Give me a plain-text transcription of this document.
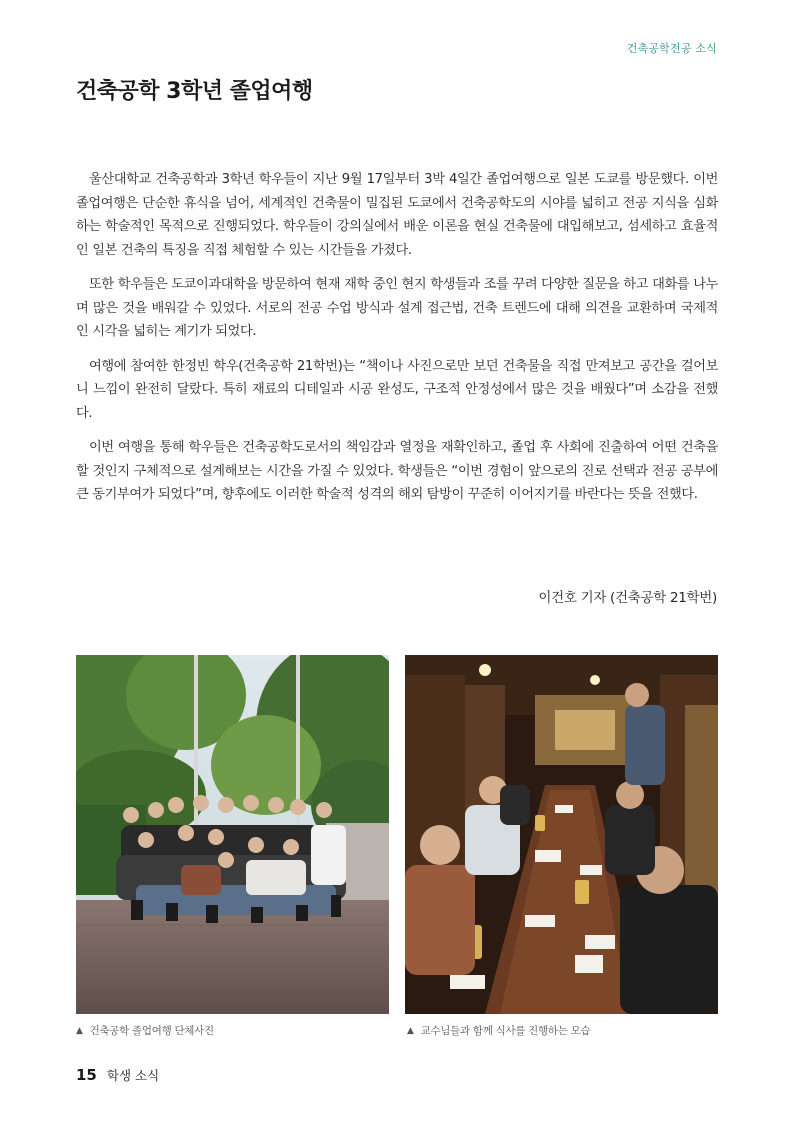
건축공학전공 소식
건축공학 3학년 졸업여행

울산대학교 건축공학과 3학년 학우들이 지난 9월 17일부터 3박 4일간 졸업여행으로 일본 도쿄를 방문했다. 이번 졸업여행은 단순한 휴식을 넘어, 세계적인 건축물이 밀집된 도쿄에서 건축공학도의 시야를 넓히고 전공 지식을 심화하는 학술적인 목적으로 진행되었다. 학우들이 강의실에서 배운 이론을 현실 건축물에 대입해보고, 섬세하고 효율적인 일본 건축의 특징을 직접 체험할 수 있는 시간들을 가졌다.

또한 학우들은 도쿄이과대학을 방문하여 현재 재학 중인 현지 학생들과 조를 꾸려 다양한 질문을 하고 대화를 나누며 많은 것을 배워갈 수 있었다. 서로의 전공 수업 방식과 설계 접근법, 건축 트렌드에 대해 의견을 교환하며 국제적인 시각을 넓히는 계기가 되었다.

여행에 참여한 한정빈 학우(건축공학 21학번)는 “책이나 사진으로만 보던 건축물을 직접 만져보고 공간을 걸어보니 느낌이 완전히 달랐다. 특히 재료의 디테일과 시공 완성도, 구조적 안정성에서 많은 것을 배웠다”며 소감을 전했다.

이번 여행을 통해 학우들은 건축공학도로서의 책임감과 열정을 재확인하고, 졸업 후 사회에 진출하여 어떤 건축을 할 것인지 구체적으로 설계해보는 시간을 가질 수 있었다. 학생들은 “이번 경험이 앞으로의 진로 선택과 전공 공부에 큰 동기부여가 되었다”며, 향후에도 이러한 학술적 성격의 해외 탐방이 꾸준히 이어지기를 바란다는 뜻을 전했다.

이건호 기자 (건축공학 21학번)
▲ 건축공학 졸업여행 단체사진	▲ 교수님들과 함께 식사를 진행하는 모습
15 학생 소식
